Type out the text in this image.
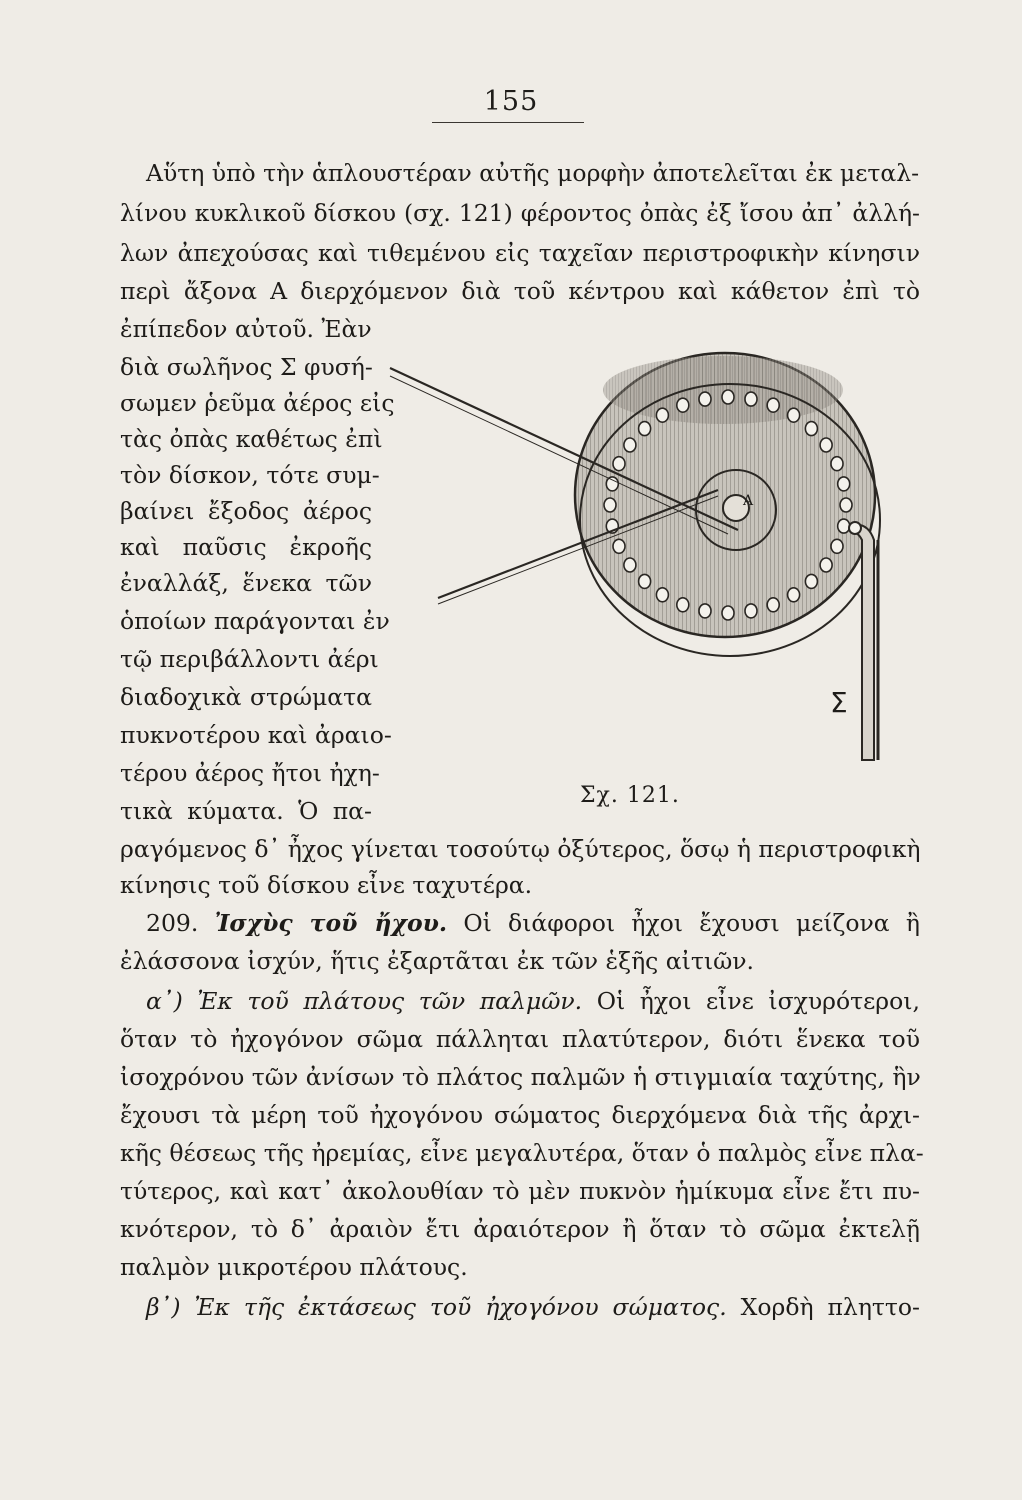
155
Αὕτη ὑπὸ τὴν ἁπλουστέραν αὐτῆς μορφὴν ἀποτελεῖται ἐκ μεταλ-
λίνου κυκλικοῦ δίσκου (σχ. 121) φέροντος ὀπὰς ἐξ ἴσου ἀπ᾽ ἀλλή-
λων ἀπεχούσας καὶ τιθεμένου εἰς ταχεῖαν περιστροφικὴν κίνησιν
περὶ ἄξονα Α διερχόμενον διὰ τοῦ κέντρου καὶ κάθετον ἐπὶ τὸ
ἐπίπεδον αὐτοῦ. Ἐὰν
διὰ σωλῆνος Σ φυσή-
σωμεν ῥεῦμα ἀέρος εἰς
τὰς ὀπὰς καθέτως ἐπὶ
τὸν δίσκον, τότε συμ-
βαίνει ἔξοδος ἀέρος
καὶ παῦσις ἐκροῆς
ἐναλλάξ, ἕνεκα τῶν
ὁποίων παράγονται ἐν
τῷ περιβάλλοντι ἀέρι
διαδοχικὰ στρώματα
πυκνοτέρου καὶ ἀραιο-
τέρου ἀέρος ἤτοι ἠχη-
τικὰ κύματα. Ὁ πα-
Α
Σ
Σχ. 121.
ραγόμενος δ᾽ ἦχος γίνεται τοσούτῳ ὀξύτερος, ὅσῳ ἡ περιστροφικὴ
κίνησις τοῦ δίσκου εἶνε ταχυτέρα.
209. Ἰσχὺς τοῦ ἤχου. Οἱ διάφοροι ἦχοι ἔχουσι μείζονα ἢ
ἐλάσσονα ἰσχύν, ἥτις ἐξαρτᾶται ἐκ τῶν ἑξῆς αἰτιῶν.
α᾽) Ἐκ τοῦ πλάτους τῶν παλμῶν. Οἱ ἦχοι εἶνε ἰσχυρότεροι,
ὅταν τὸ ἠχογόνον σῶμα πάλληται πλατύτερον, διότι ἕνεκα τοῦ
ἰσοχρόνου τῶν ἀνίσων τὸ πλάτος παλμῶν ἡ στιγμιαία ταχύτης, ἣν
ἔχουσι τὰ μέρη τοῦ ἠχογόνου σώματος διερχόμενα διὰ τῆς ἀρχι-
κῆς θέσεως τῆς ἠρεμίας, εἶνε μεγαλυτέρα, ὅταν ὁ παλμὸς εἶνε πλα-
τύτερος, καὶ κατ᾽ ἀκολουθίαν τὸ μὲν πυκνὸν ἡμίκυμα εἶνε ἔτι πυ-
κνότερον, τὸ δ᾽ ἀραιὸν ἔτι ἀραιότερον ἢ ὅταν τὸ σῶμα ἐκτελῇ
παλμὸν μικροτέρου πλάτους.
β᾽) Ἐκ τῆς ἐκτάσεως τοῦ ἠχογόνου σώματος. Χορδὴ πληττο-
